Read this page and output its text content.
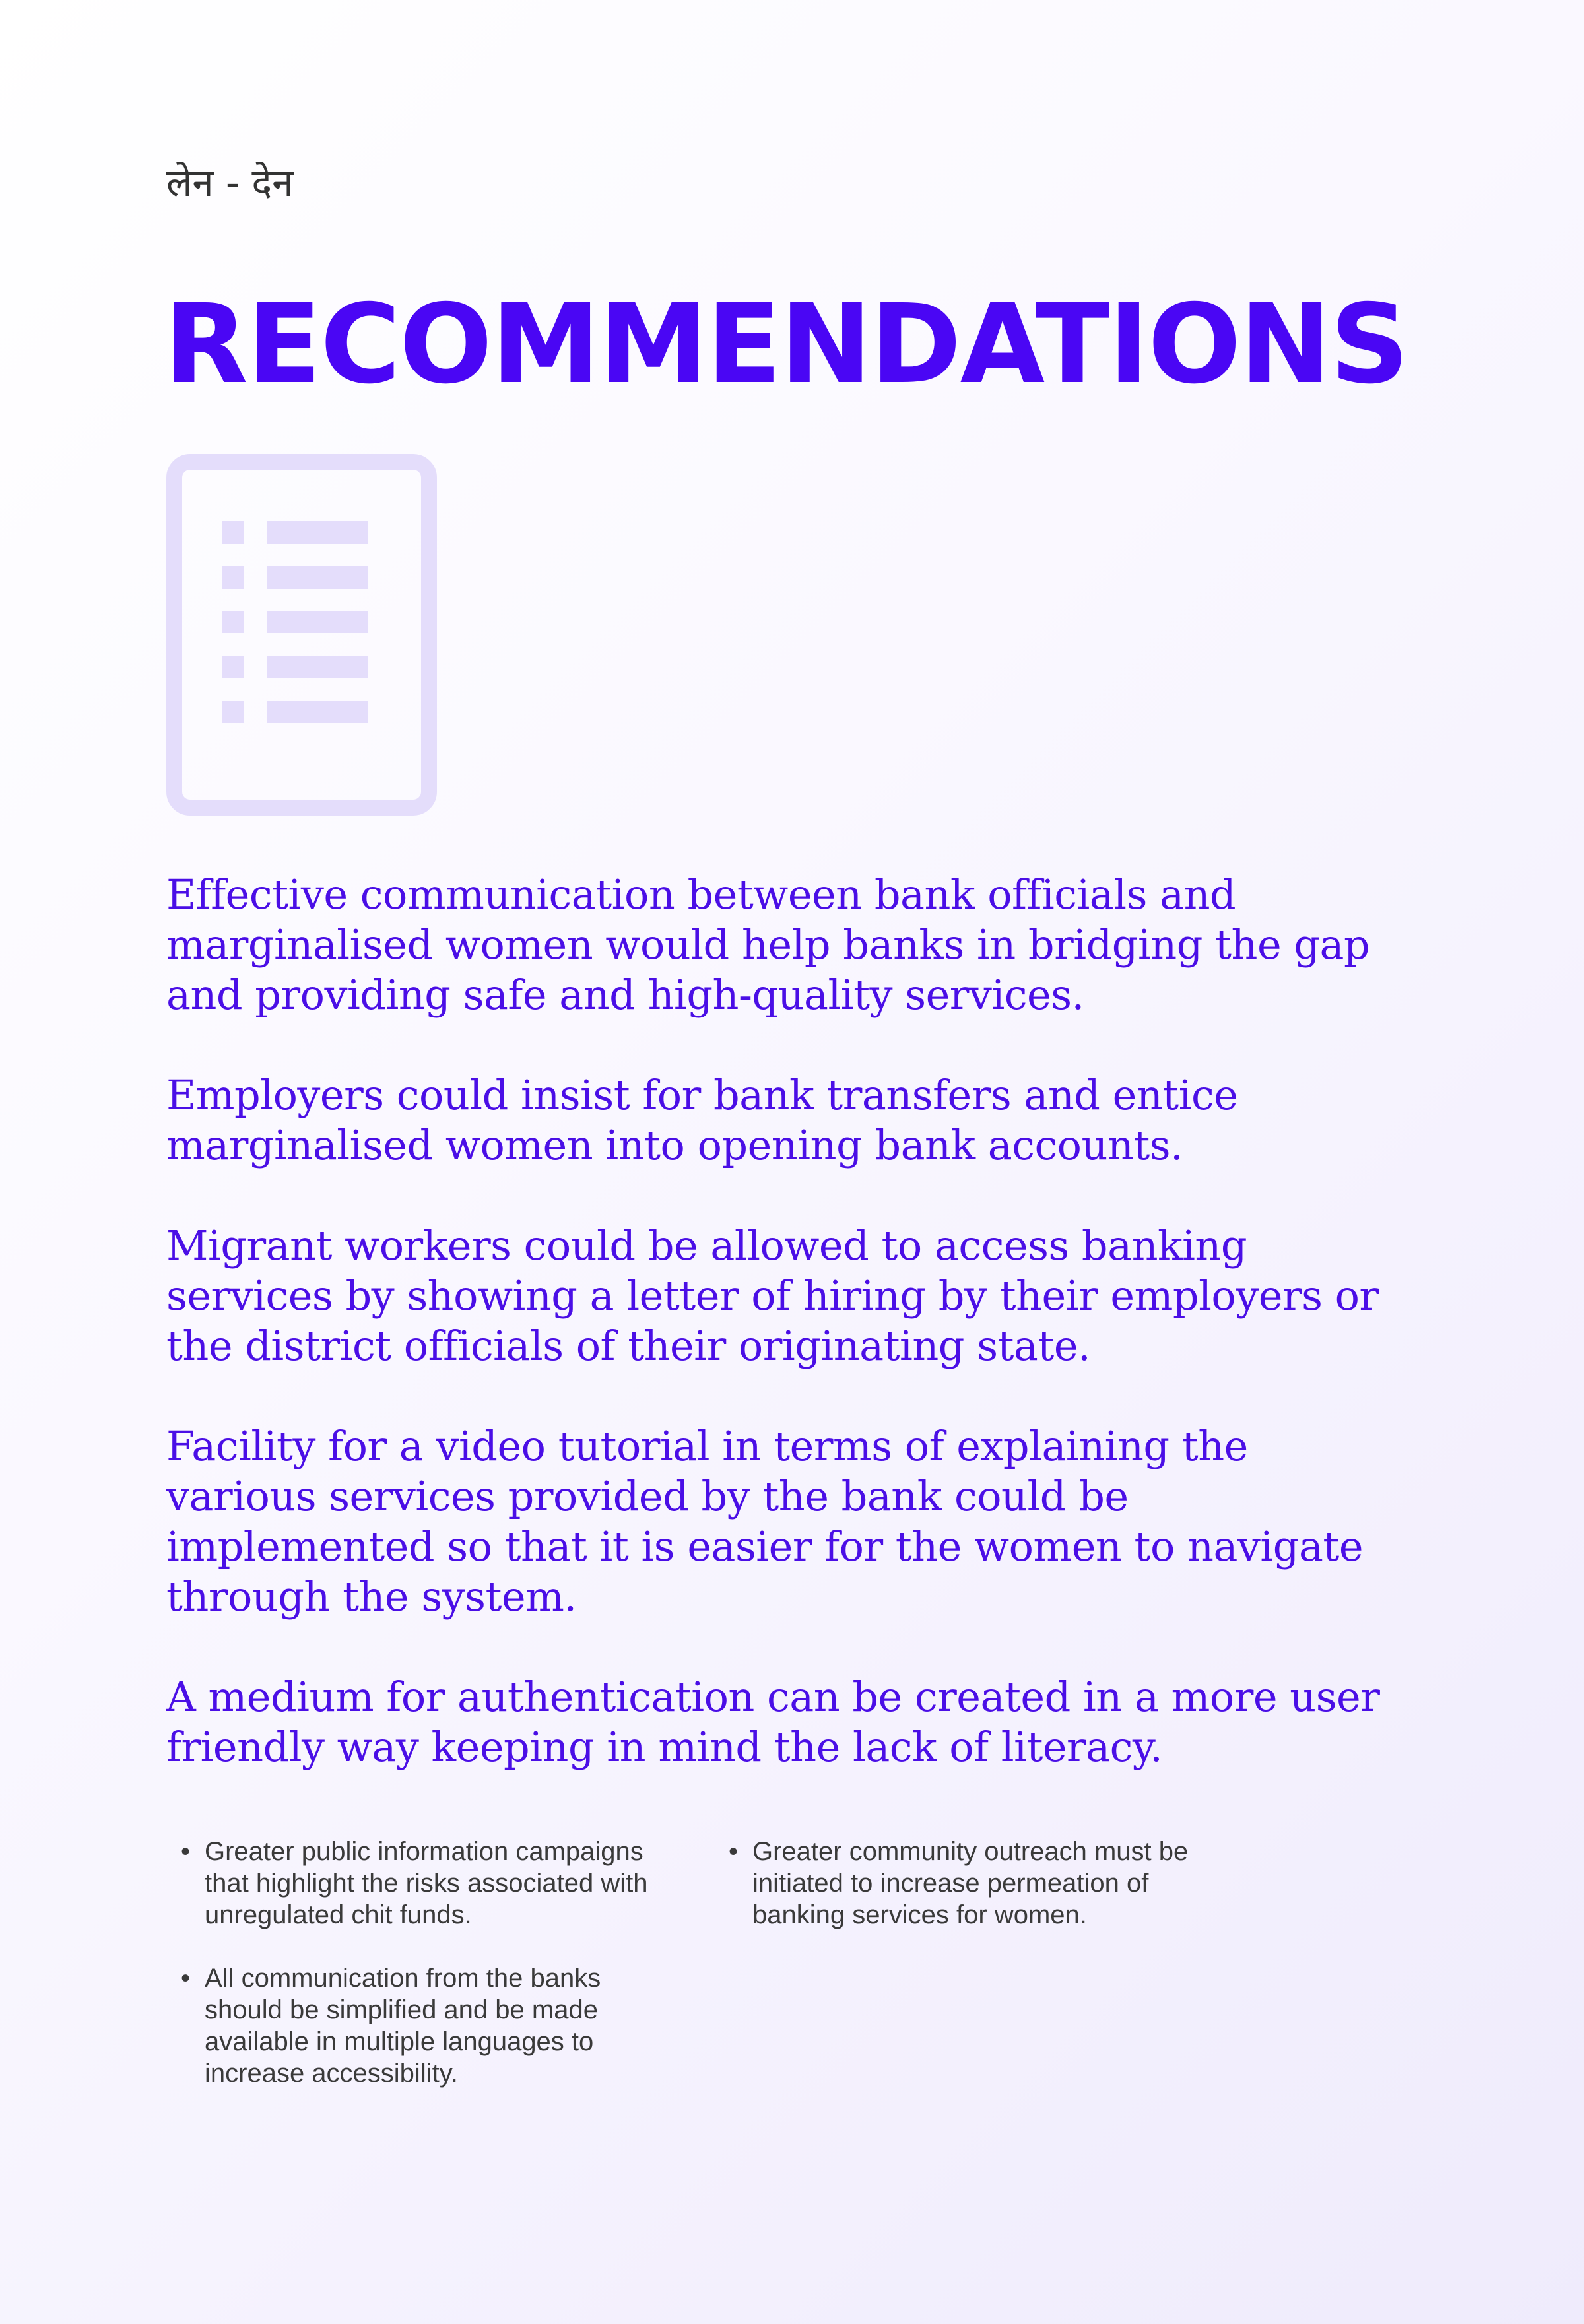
लेन - देन
RECOMMENDATIONS

Effective communication between bank officials and marginalised women would help banks in bridging the gap and providing safe and high-quality services.

Employers could insist for bank transfers and entice marginalised women into opening bank accounts.

Migrant workers could be allowed to access banking services by showing a letter of hiring by their employers or the district officials of their originating state.

Facility for a video tutorial in terms of explaining the various services provided by the bank could be implemented so that it is easier for the women to navigate through the system.

A medium for authentication can be created in a more user friendly way keeping in mind the lack of literacy.

• Greater public information campaigns that highlight the risks associated with unregulated chit funds.
• All communication from the banks should be simplified and be made available in multiple languages to increase accessibility.
• Greater community outreach must be initiated to increase permeation of banking services for women.
